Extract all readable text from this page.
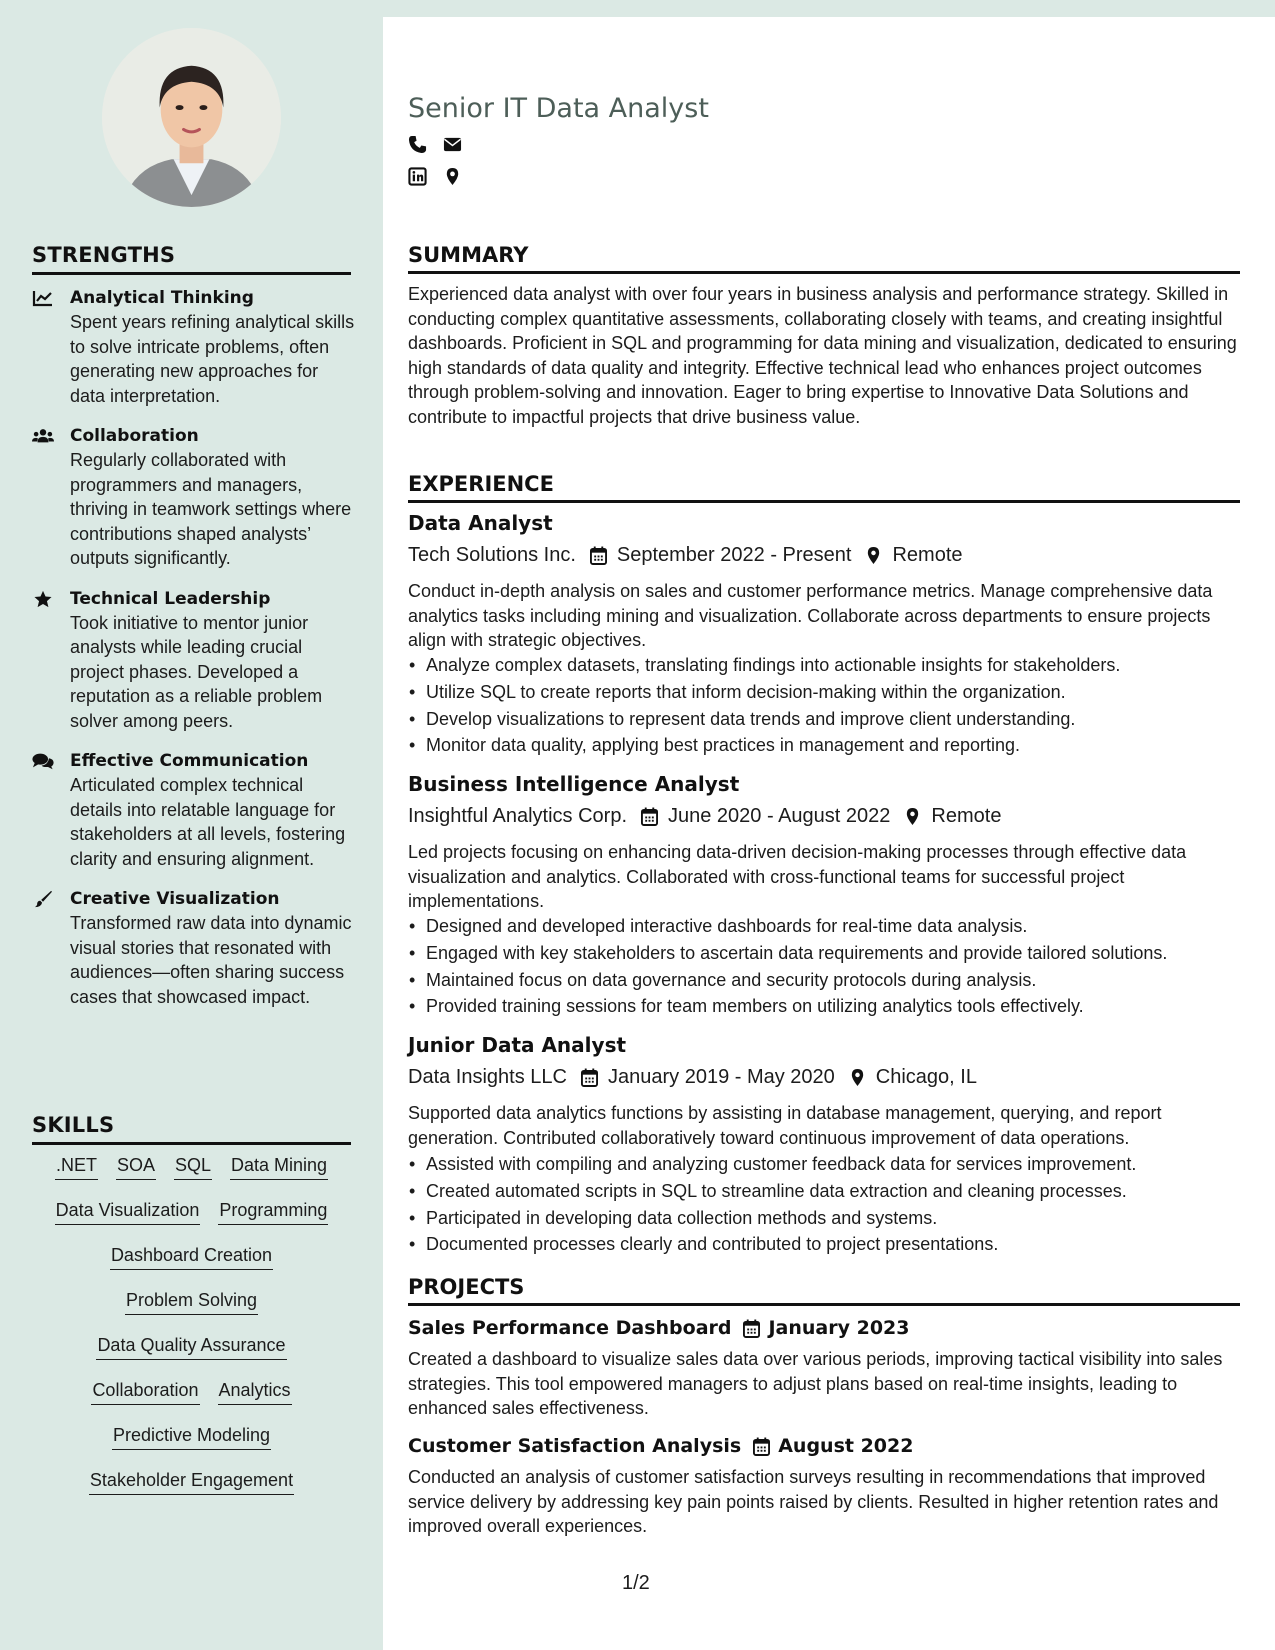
STRENGTHS
Analytical Thinking
Spent years refining analytical skills to solve intricate problems, often generating new approaches for data interpretation.
Collaboration
Regularly collaborated with programmers and managers, thriving in teamwork settings where contributions shaped analysts’ outputs significantly.
Technical Leadership
Took initiative to mentor junior analysts while leading crucial project phases. Developed a reputation as a reliable problem solver among peers.
Effective Communication
Articulated complex technical details into relatable language for stakeholders at all levels, fostering clarity and ensuring alignment.
Creative Visualization
Transformed raw data into dynamic visual stories that resonated with audiences—often sharing success cases that showcased impact.
SKILLS
.NET SOA SQL Data Mining
Data Visualization Programming
Dashboard Creation
Problem Solving
Data Quality Assurance
Collaboration Analytics
Predictive Modeling
Stakeholder Engagement
Senior IT Data Analyst
SUMMARY

Experienced data analyst with over four years in business analysis and performance strategy. Skilled in conducting complex quantitative assessments, collaborating closely with teams, and creating insightful dashboards. Proficient in SQL and programming for data mining and visualization, dedicated to ensuring high standards of data quality and integrity. Effective technical lead who enhances project outcomes through problem-solving and innovation. Eager to bring expertise to Innovative Data Solutions and contribute to impactful projects that drive business value.

EXPERIENCE
Data Analyst
Tech Solutions Inc. September 2022 - Present Remote

Conduct in-depth analysis on sales and customer performance metrics. Manage comprehensive data analytics tasks including mining and visualization. Collaborate across departments to ensure projects align with strategic objectives.

• Analyze complex datasets, translating findings into actionable insights for stakeholders.
• Utilize SQL to create reports that inform decision-making within the organization.
• Develop visualizations to represent data trends and improve client understanding.
• Monitor data quality, applying best practices in management and reporting.
Business Intelligence Analyst
Insightful Analytics Corp. June 2020 - August 2022 Remote

Led projects focusing on enhancing data-driven decision-making processes through effective data visualization and analytics. Collaborated with cross-functional teams for successful project implementations.

• Designed and developed interactive dashboards for real-time data analysis.
• Engaged with key stakeholders to ascertain data requirements and provide tailored solutions.
• Maintained focus on data governance and security protocols during analysis.
• Provided training sessions for team members on utilizing analytics tools effectively.
Junior Data Analyst
Data Insights LLC January 2019 - May 2020 Chicago, IL

Supported data analytics functions by assisting in database management, querying, and report generation. Contributed collaboratively toward continuous improvement of data operations.

• Assisted with compiling and analyzing customer feedback data for services improvement.
• Created automated scripts in SQL to streamline data extraction and cleaning processes.
• Participated in developing data collection methods and systems.
• Documented processes clearly and contributed to project presentations.
PROJECTS
Sales Performance Dashboard January 2023

Created a dashboard to visualize sales data over various periods, improving tactical visibility into sales strategies. This tool empowered managers to adjust plans based on real-time insights, leading to enhanced sales effectiveness.

Customer Satisfaction Analysis August 2022

Conducted an analysis of customer satisfaction surveys resulting in recommendations that improved service delivery by addressing key pain points raised by clients. Resulted in higher retention rates and improved overall experiences.

1/2
